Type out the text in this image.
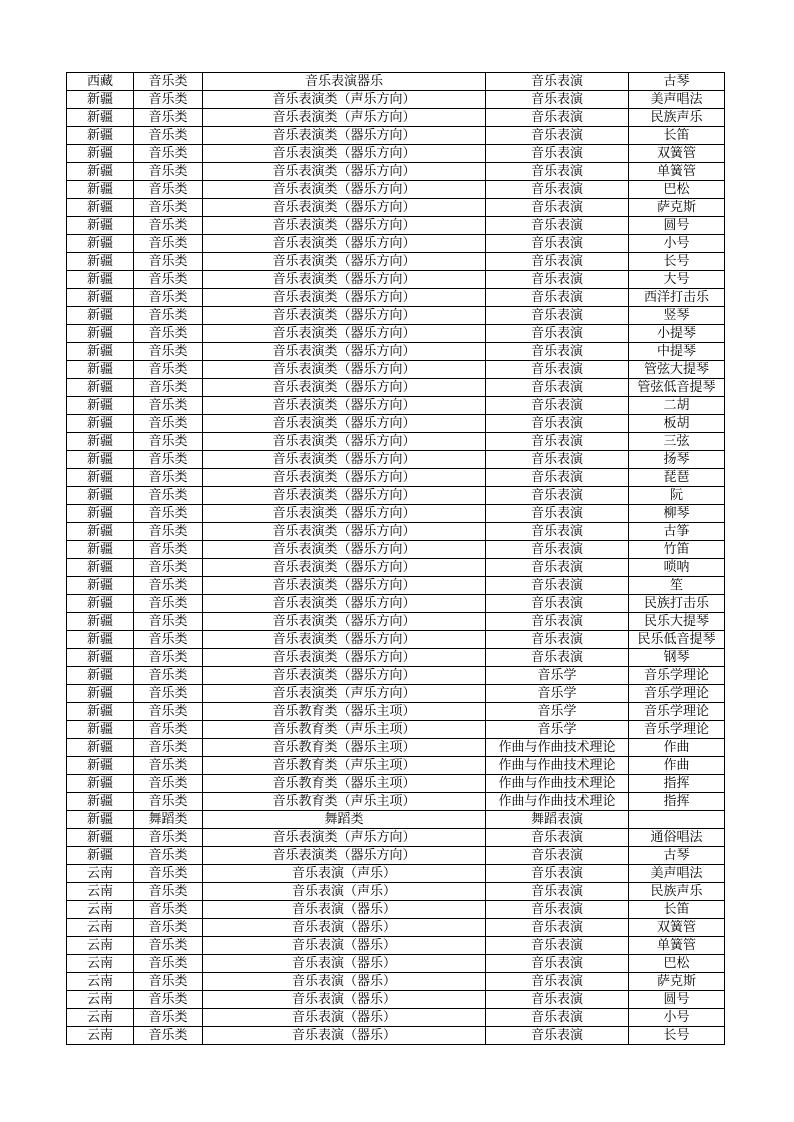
西藏	音乐类	音乐表演器乐	音乐表演	古琴
新疆	音乐类	音乐表演类（声乐方向）	音乐表演	美声唱法
新疆	音乐类	音乐表演类（声乐方向）	音乐表演	民族声乐
新疆	音乐类	音乐表演类（器乐方向）	音乐表演	长笛
新疆	音乐类	音乐表演类（器乐方向）	音乐表演	双簧管
新疆	音乐类	音乐表演类（器乐方向）	音乐表演	单簧管
新疆	音乐类	音乐表演类（器乐方向）	音乐表演	巴松
新疆	音乐类	音乐表演类（器乐方向）	音乐表演	萨克斯
新疆	音乐类	音乐表演类（器乐方向）	音乐表演	圆号
新疆	音乐类	音乐表演类（器乐方向）	音乐表演	小号
新疆	音乐类	音乐表演类（器乐方向）	音乐表演	长号
新疆	音乐类	音乐表演类（器乐方向）	音乐表演	大号
新疆	音乐类	音乐表演类（器乐方向）	音乐表演	西洋打击乐
新疆	音乐类	音乐表演类（器乐方向）	音乐表演	竖琴
新疆	音乐类	音乐表演类（器乐方向）	音乐表演	小提琴
新疆	音乐类	音乐表演类（器乐方向）	音乐表演	中提琴
新疆	音乐类	音乐表演类（器乐方向）	音乐表演	管弦大提琴
新疆	音乐类	音乐表演类（器乐方向）	音乐表演	管弦低音提琴
新疆	音乐类	音乐表演类（器乐方向）	音乐表演	二胡
新疆	音乐类	音乐表演类（器乐方向）	音乐表演	板胡
新疆	音乐类	音乐表演类（器乐方向）	音乐表演	三弦
新疆	音乐类	音乐表演类（器乐方向）	音乐表演	扬琴
新疆	音乐类	音乐表演类（器乐方向）	音乐表演	琵琶
新疆	音乐类	音乐表演类（器乐方向）	音乐表演	阮
新疆	音乐类	音乐表演类（器乐方向）	音乐表演	柳琴
新疆	音乐类	音乐表演类（器乐方向）	音乐表演	古筝
新疆	音乐类	音乐表演类（器乐方向）	音乐表演	竹笛
新疆	音乐类	音乐表演类（器乐方向）	音乐表演	唢呐
新疆	音乐类	音乐表演类（器乐方向）	音乐表演	笙
新疆	音乐类	音乐表演类（器乐方向）	音乐表演	民族打击乐
新疆	音乐类	音乐表演类（器乐方向）	音乐表演	民乐大提琴
新疆	音乐类	音乐表演类（器乐方向）	音乐表演	民乐低音提琴
新疆	音乐类	音乐表演类（器乐方向）	音乐表演	钢琴
新疆	音乐类	音乐表演类（器乐方向）	音乐学	音乐学理论
新疆	音乐类	音乐表演类（声乐方向）	音乐学	音乐学理论
新疆	音乐类	音乐教育类（器乐主项）	音乐学	音乐学理论
新疆	音乐类	音乐教育类（声乐主项）	音乐学	音乐学理论
新疆	音乐类	音乐教育类（器乐主项）	作曲与作曲技术理论	作曲
新疆	音乐类	音乐教育类（声乐主项）	作曲与作曲技术理论	作曲
新疆	音乐类	音乐教育类（器乐主项）	作曲与作曲技术理论	指挥
新疆	音乐类	音乐教育类（声乐主项）	作曲与作曲技术理论	指挥
新疆	舞蹈类	舞蹈类	舞蹈表演	
新疆	音乐类	音乐表演类（声乐方向）	音乐表演	通俗唱法
新疆	音乐类	音乐表演类（器乐方向）	音乐表演	古琴
云南	音乐类	音乐表演（声乐）	音乐表演	美声唱法
云南	音乐类	音乐表演（声乐）	音乐表演	民族声乐
云南	音乐类	音乐表演（器乐）	音乐表演	长笛
云南	音乐类	音乐表演（器乐）	音乐表演	双簧管
云南	音乐类	音乐表演（器乐）	音乐表演	单簧管
云南	音乐类	音乐表演（器乐）	音乐表演	巴松
云南	音乐类	音乐表演（器乐）	音乐表演	萨克斯
云南	音乐类	音乐表演（器乐）	音乐表演	圆号
云南	音乐类	音乐表演（器乐）	音乐表演	小号
云南	音乐类	音乐表演（器乐）	音乐表演	长号
